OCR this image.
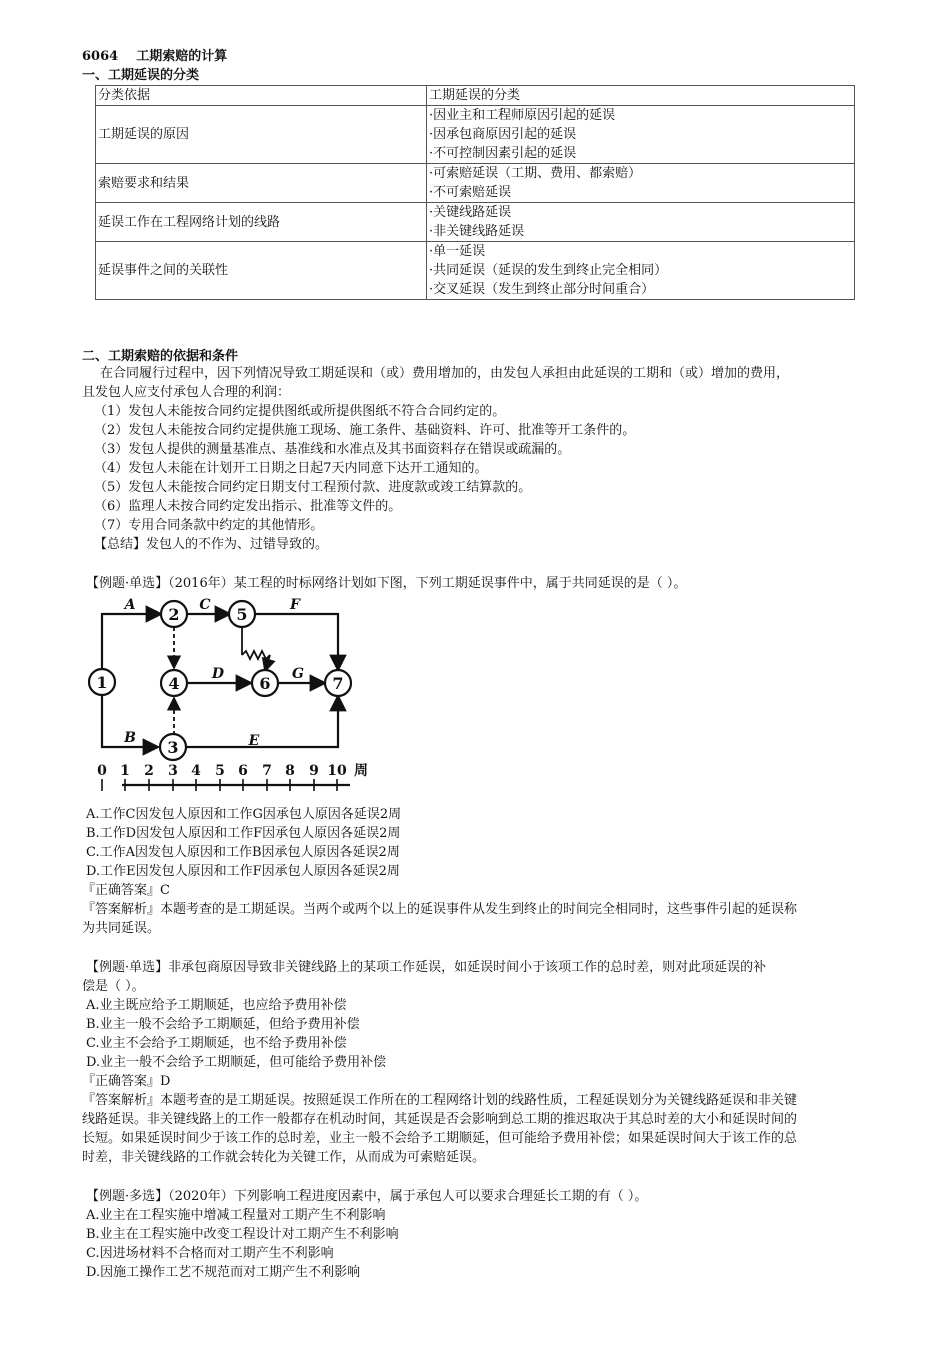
6064 工期索赔的计算
一、工期延误的分类
分类依据	工期延误的分类
工期延误的原因	·因业主和工程师原因引起的延误
·因承包商原因引起的延误
·不可控制因素引起的延误

索赔要求和结果	·可索赔延误（工期、费用、都索赔）
·不可索赔延误

延误工作在工程网络计划的线路	·关键线路延误
·非关键线路延误

延误事件之间的关联性	·单一延误
·共同延误（延误的发生到终止完全相同）
·交叉延误（发生到终止部分时间重合）
二、工期索赔的依据和条件
在合同履行过程中，因下列情况导致工期延误和（或）费用增加的，由发包人承担由此延误的工期和（或）增加的费用，
且发包人应支付承包人合理的利润：
（1）发包人未能按合同约定提供图纸或所提供图纸不符合合同约定的。
（2）发包人未能按合同约定提供施工现场、施工条件、基础资料、许可、批准等开工条件的。
（3）发包人提供的测量基准点、基准线和水准点及其书面资料存在错误或疏漏的。
（4）发包人未能在计划开工日期之日起7天内同意下达开工通知的。
（5）发包人未能按合同约定日期支付工程预付款、进度款或竣工结算款的。
（6）监理人未按合同约定发出指示、批准等文件的。
（7）专用合同条款中约定的其他情形。
【总结】发包人的不作为、过错导致的。
【例题·单选】（2016年）某工程的时标网络计划如下图，下列工期延误事件中，属于共同延误的是（ ）。
1
2
3
4
5
6	7
A
B
C
D
E
F
G
0 1 2 3 4 5 6 7 8 9 10 周
A.工作C因发包人原因和工作G因承包人原因各延误2周
B.工作D因发包人原因和工作F因承包人原因各延误2周
C.工作A因发包人原因和工作B因承包人原因各延误2周
D.工作E因发包人原因和工作F因承包人原因各延误2周
『正确答案』C
『答案解析』本题考查的是工期延误。当两个或两个以上的延误事件从发生到终止的时间完全相同时，这些事件引起的延误称
为共同延误。
【例题·单选】非承包商原因导致非关键线路上的某项工作延误，如延误时间小于该项工作的总时差，则对此项延误的补
偿是（ ）。
A.业主既应给予工期顺延，也应给予费用补偿
B.业主一般不会给予工期顺延，但给予费用补偿
C.业主不会给予工期顺延，也不给予费用补偿
D.业主一般不会给予工期顺延，但可能给予费用补偿
『正确答案』D
『答案解析』本题考查的是工期延误。按照延误工作所在的工程网络计划的线路性质，工程延误划分为关键线路延误和非关键
线路延误。非关键线路上的工作一般都存在机动时间，其延误是否会影响到总工期的推迟取决于其总时差的大小和延误时间的
长短。如果延误时间少于该工作的总时差，业主一般不会给予工期顺延，但可能给予费用补偿；如果延误时间大于该工作的总
时差，非关键线路的工作就会转化为关键工作，从而成为可索赔延误。
【例题·多选】（2020年）下列影响工程进度因素中，属于承包人可以要求合理延长工期的有（ ）。
A.业主在工程实施中增减工程量对工期产生不利影响
B.业主在工程实施中改变工程设计对工期产生不利影响
C.因进场材料不合格而对工期产生不利影响
D.因施工操作工艺不规范而对工期产生不利影响
